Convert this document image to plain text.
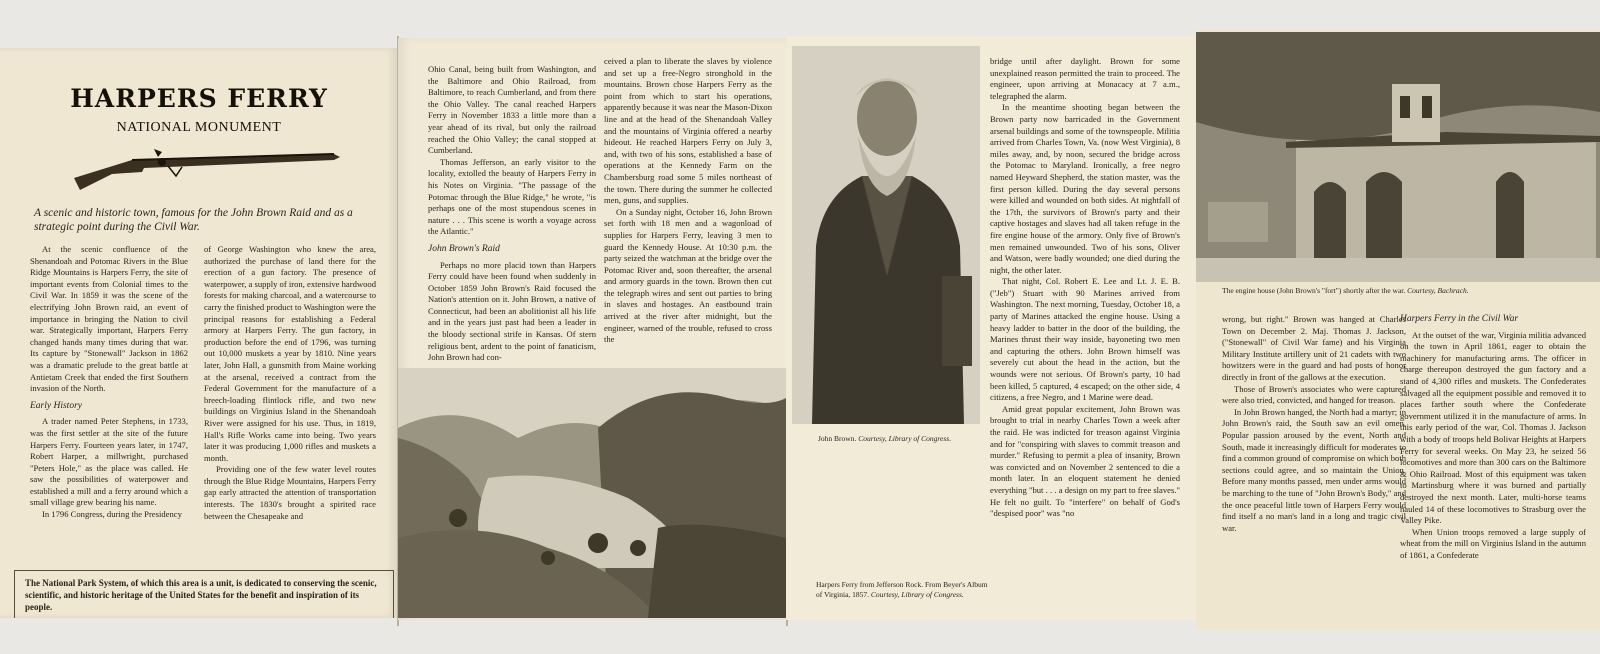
HARPERS FERRY
NATIONAL MONUMENT
A scenic and historic town, famous for the John Brown Raid and as a strategic point during the Civil War.

At the scenic confluence of the Shenandoah and Potomac Rivers in the Blue Ridge Mountains is Harpers Ferry, the site of important events from Colonial times to the Civil War. In 1859 it was the scene of the electrifying John Brown raid, an event of importance in bringing the Nation to civil war. Strategically important, Harpers Ferry changed hands many times during that war. Its capture by "Stonewall" Jackson in 1862 was a dramatic prelude to the great battle at Antietam Creek that ended the first Southern invasion of the North.

Early History

A trader named Peter Stephens, in 1733, was the first settler at the site of the future Harpers Ferry. Fourteen years later, in 1747, Robert Harper, a millwright, purchased "Peters Hole," as the place was called. He saw the possibilities of waterpower and established a mill and a ferry around which a small village grew bearing his name.

In 1796 Congress, during the Presidency

of George Washington who knew the area, authorized the purchase of land there for the erection of a gun factory. The presence of waterpower, a supply of iron, extensive hardwood forests for making charcoal, and a watercourse to carry the finished product to Washington were the principal reasons for establishing a Federal armory at Harpers Ferry. The gun factory, in production before the end of 1796, was turning out 10,000 muskets a year by 1810. Nine years later, John Hall, a gunsmith from Maine working at the arsenal, received a contract from the Federal Government for the manufacture of a breech-loading flintlock rifle, and two new buildings on Virginius Island in the Shenandoah River were assigned for his use. Thus, in 1819, Hall's Rifle Works came into being. Two years later it was producing 1,000 rifles and muskets a month.

Providing one of the few water level routes through the Blue Ridge Mountains, Harpers Ferry gap early attracted the attention of transportation interests. The 1830's brought a spirited race between the Chesapeake and

The National Park System, of which this area is a unit, is dedicated to conserving the scenic, scientific, and historic heritage of the United States for the benefit and inspiration of its people.

Ohio Canal, being built from Washington, and the Baltimore and Ohio Railroad, from Baltimore, to reach Cumberland, and from there the Ohio Valley. The canal reached Harpers Ferry in November 1833 a little more than a year ahead of its rival, but only the railroad reached the Ohio Valley; the canal stopped at Cumberland.

Thomas Jefferson, an early visitor to the locality, extolled the beauty of Harpers Ferry in his Notes on Virginia. "The passage of the Potomac through the Blue Ridge," he wrote, "is perhaps one of the most stupendous scenes in nature . . . This scene is worth a voyage across the Atlantic."

John Brown's Raid

Perhaps no more placid town than Harpers Ferry could have been found when suddenly in October 1859 John Brown's Raid focused the Nation's attention on it. John Brown, a native of Connecticut, had been an abolitionist all his life and in the years just past had been a leader in the bloody sectional strife in Kansas. Of stern religious bent, ardent to the point of fanaticism, John Brown had con-

ceived a plan to liberate the slaves by violence and set up a free-Negro stronghold in the mountains. Brown chose Harpers Ferry as the point from which to start his operations, apparently because it was near the Mason-Dixon line and at the head of the Shenandoah Valley and the mountains of Virginia offered a nearby hideout. He reached Harpers Ferry on July 3, and, with two of his sons, established a base of operations at the Kennedy Farm on the Chambersburg road some 5 miles northeast of the town. There during the summer he collected men, guns, and supplies.

On a Sunday night, October 16, John Brown set forth with 18 men and a wagonload of supplies for Harpers Ferry, leaving 3 men to guard the Kennedy House. At 10:30 p.m. the party seized the watchman at the bridge over the Potomac River and, soon thereafter, the arsenal and armory guards in the town. Brown then cut the telegraph wires and sent out parties to bring in slaves and hostages. An eastbound train arrived at the river after midnight, but the engineer, warned of the trouble, refused to cross the

John Brown. Courtesy, Library of Congress.
Harpers Ferry from Jefferson Rock. From Beyer's Album of Virginia, 1857. Courtesy, Library of Congress.

bridge until after daylight. Brown for some unexplained reason permitted the train to proceed. The engineer, upon arriving at Monacacy at 7 a.m., telegraphed the alarm.

In the meantime shooting began between the Brown party now barricaded in the Government arsenal buildings and some of the townspeople. Militia arrived from Charles Town, Va. (now West Virginia), 8 miles away, and, by noon, secured the bridge across the Potomac to Maryland. Ironically, a free negro named Heyward Shepherd, the station master, was the first person killed. During the day several persons were killed and wounded on both sides. At nightfall of the 17th, the survivors of Brown's party and their captive hostages and slaves had all taken refuge in the fire engine house of the armory. Only five of Brown's men remained unwounded. Two of his sons, Oliver and Watson, were badly wounded; one died during the night, the other later.

That night, Col. Robert E. Lee and Lt. J. E. B. ("Jeb") Stuart with 90 Marines arrived from Washington. The next morning, Tuesday, October 18, a party of Marines attacked the engine house. Using a heavy ladder to batter in the door of the building, the Marines thrust their way inside, bayoneting two men and capturing the others. John Brown himself was severely cut about the head in the action, but the wounds were not serious. Of Brown's party, 10 had been killed, 5 captured, 4 escaped; on the other side, 4 citizens, a free Negro, and 1 Marine were dead.

Amid great popular excitement, John Brown was brought to trial in nearby Charles Town a week after the raid. He was indicted for treason against Virginia and for "conspiring with slaves to commit treason and murder." Refusing to permit a plea of insanity, Brown was convicted and on November 2 sentenced to die a month later. In an eloquent statement he denied everything "but . . . a design on my part to free slaves." He felt no guilt. To "interfere" on behalf of God's "despised poor" was "no

The engine house (John Brown's "fort") shortly after the war. Courtesy, Bachrach.

wrong, but right." Brown was hanged at Charles Town on December 2. Maj. Thomas J. Jackson, ("Stonewall" of Civil War fame) and his Virginia Military Institute artillery unit of 21 cadets with two howitzers were in the guard and had posts of honor directly in front of the gallows at the execution.

Those of Brown's associates who were captured were also tried, convicted, and hanged for treason.

In John Brown hanged, the North had a martyr; in John Brown's raid, the South saw an evil omen. Popular passion aroused by the event, North and South, made it increasingly difficult for moderates to find a common ground of compromise on which both sections could agree, and so maintain the Union. Before many months passed, men under arms would be marching to the tune of "John Brown's Body," and the once peaceful little town of Harpers Ferry would find itself a no man's land in a long and tragic civil war.

Harpers Ferry in the Civil War

At the outset of the war, Virginia militia advanced on the town in April 1861, eager to obtain the machinery for manufacturing arms. The officer in charge thereupon destroyed the gun factory and a stand of 4,300 rifles and muskets. The Confederates salvaged all the equipment possible and removed it to places farther south where the Confederate government utilized it in the manufacture of arms. In this early period of the war, Col. Thomas J. Jackson with a body of troops held Bolivar Heights at Harpers Ferry for several weeks. On May 23, he seized 56 locomotives and more than 300 cars on the Baltimore & Ohio Railroad. Most of this equipment was taken to Martinsburg where it was burned and partially destroyed the next month. Later, multi-horse teams hauled 14 of these locomotives to Strasburg over the Valley Pike.

When Union troops removed a large supply of wheat from the mill on Virginius Island in the autumn of 1861, a Confederate
